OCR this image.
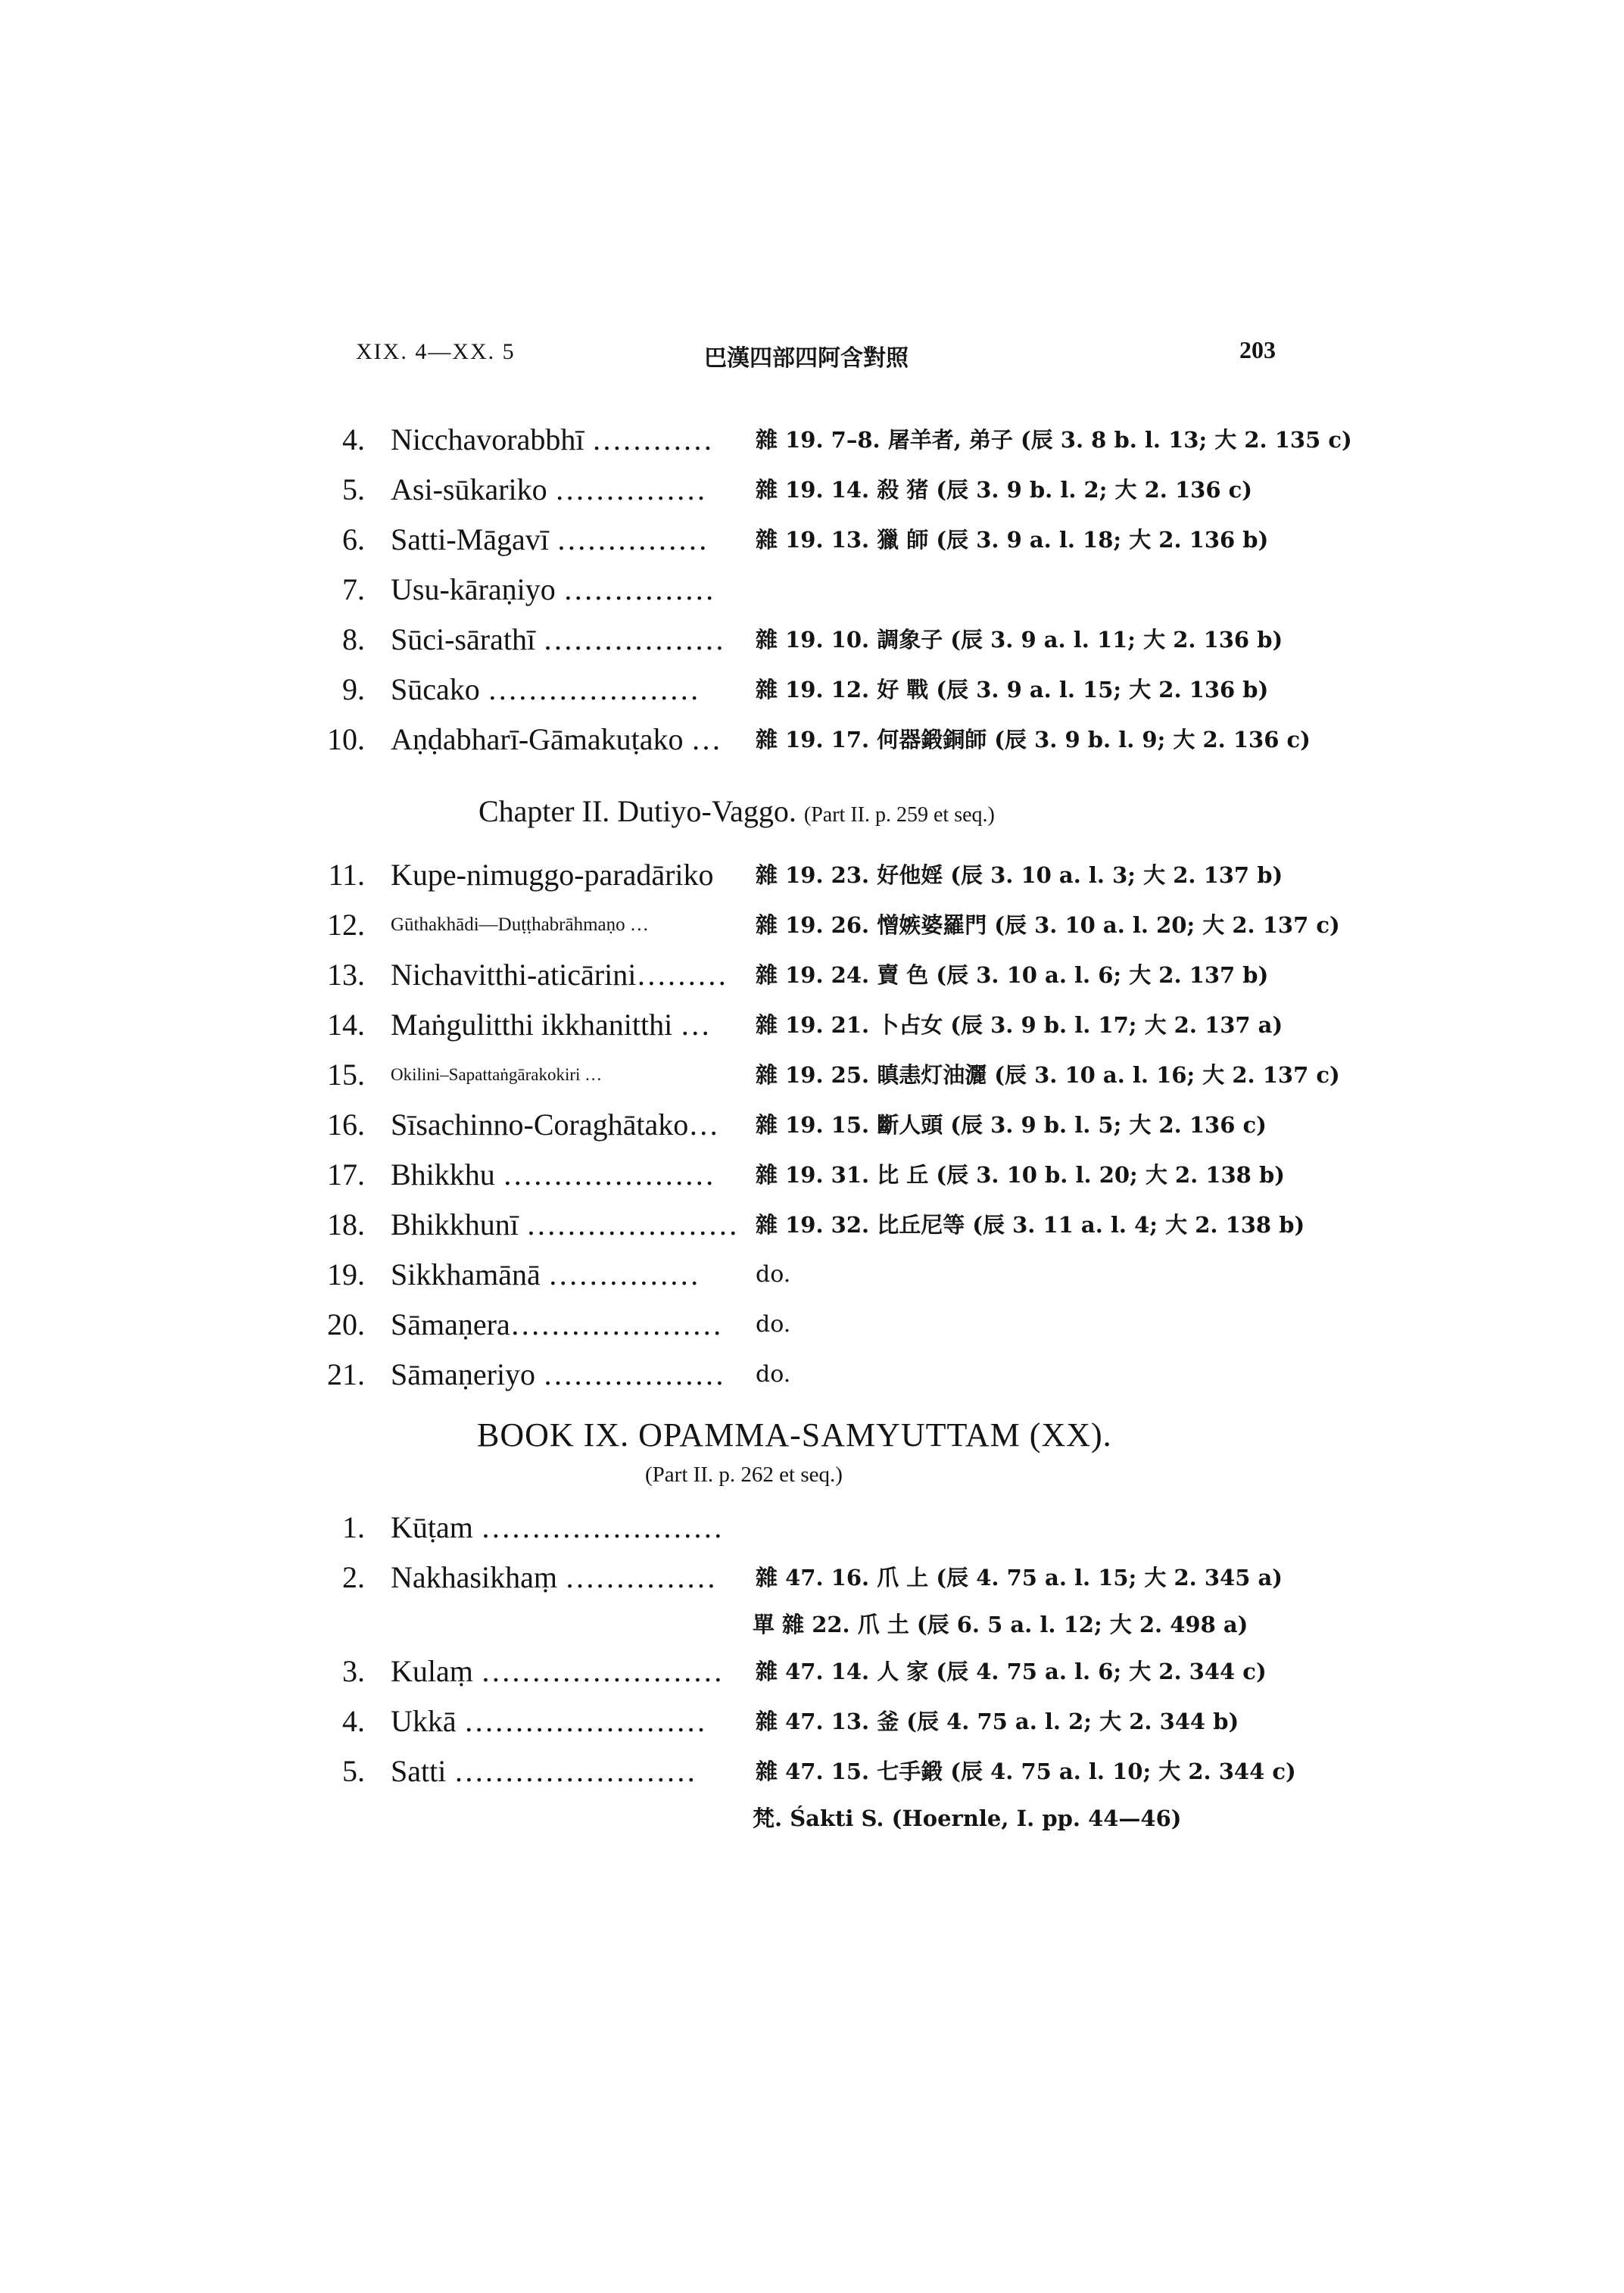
XIX. 4—XX. 5	巴漢四部四阿含對照	203
4. Nicchavorabbhī ………… 雜 19. 7–8. 屠羊者, 弟子 (辰 3. 8 b. l. 13; 大 2. 135 c)
5. Asi-sūkariko …………… 雜 19. 14. 殺 猪 (辰 3. 9 b. l. 2; 大 2. 136 c)
6. Satti-Māgavī …………… 雜 19. 13. 獵 師 (辰 3. 9 a. l. 18; 大 2. 136 b)
7. Usu-kāraṇiyo ……………
8. Sūci-sārathī ……………… 雜 19. 10. 調象子 (辰 3. 9 a. l. 11; 大 2. 136 b)
9. Sūcako …………………	雜 19. 12. 好 戰 (辰 3. 9 a. l. 15; 大 2. 136 b)
10. Aṇḍabharī-Gāmakuṭako … 雜 19. 17. 何器鍛銅師 (辰 3. 9 b. l. 9; 大 2. 136 c)
Chapter II. Dutiyo-Vaggo. (Part II. p. 259 et seq.)
11. Kupe-nimuggo-paradāriko 雜 19. 23. 好他婬 (辰 3. 10 a. l. 3; 大 2. 137 b)
12. Gūthakhādi—Duṭṭhabrāhmaṇo …	雜 19. 26. 憎嫉婆羅門 (辰 3. 10 a. l. 20; 大 2. 137 c)
13. Nichavitthi-aticārini……… 雜 19. 24. 賣 色 (辰 3. 10 a. l. 6; 大 2. 137 b)
14. Maṅgulitthi ikkhanitthi … 雜 19. 21. 卜占女 (辰 3. 9 b. l. 17; 大 2. 137 a)
15. Okilini–Sapattaṅgārakokiri …	雜 19. 25. 瞋恚灯油灑 (辰 3. 10 a. l. 16; 大 2. 137 c)
16. Sīsachinno-Coraghātako… 雜 19. 15. 斷人頭 (辰 3. 9 b. l. 5; 大 2. 136 c)
17. Bhikkhu ………………… 雜 19. 31. 比 丘 (辰 3. 10 b. l. 20; 大 2. 138 b)
18. Bhikkhunī ………………… 雜 19. 32. 比丘尼等 (辰 3. 11 a. l. 4; 大 2. 138 b)
19. Sikkhamānā …………… do.
20. Sāmaṇera………………… do.
21. Sāmaṇeriyo ……………… do.
BOOK IX. OPAMMA-SAMYUTTAM (XX).
(Part II. p. 262 et seq.)
1. Kūṭam ……………………
2. Nakhasikhaṃ …………… 雜 47. 16. 爪 上 (辰 4. 75 a. l. 15; 大 2. 345 a)
單 雜 22. 爪 土 (辰 6. 5 a. l. 12; 大 2. 498 a)
3. Kulaṃ …………………… 雜 47. 14. 人 家 (辰 4. 75 a. l. 6; 大 2. 344 c)
4. Ukkā …………………… 雜 47. 13. 釜 (辰 4. 75 a. l. 2; 大 2. 344 b)
5. Satti ……………………	雜 47. 15. 七手鍛 (辰 4. 75 a. l. 10; 大 2. 344 c)
梵. Śakti S. (Hoernle, I. pp. 44—46)
